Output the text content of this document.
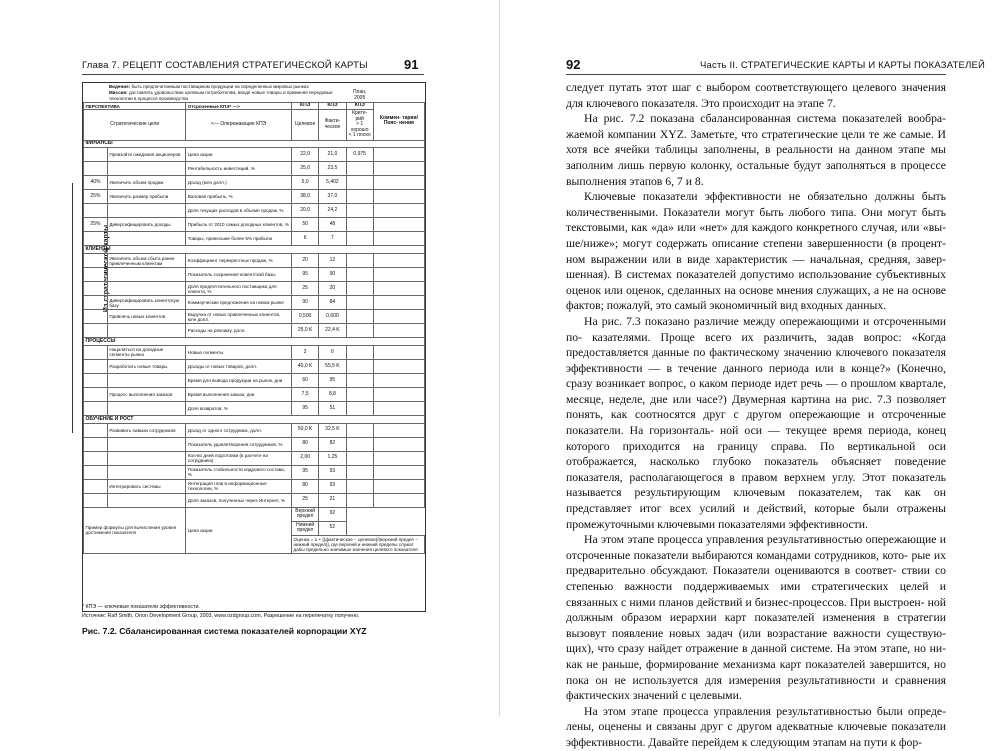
Глава 7. РЕЦЕПТ СОСТАВЛЕНИЯ СТРАТЕГИЧЕСКОЙ КАРТЫ	91
Из стратегической карты
	Видение: быть предпочитаемым поставщиком продукции на определенных мировых рынках					
	Миссия: доставлять удовольствие целевым потребителям, вводя новые товары и применяя передовые технологии в процессе производства				План, 2005	
ПЕРСПЕКТИВА		Отсроченные КПЭ* —>	КПЭ	КПЭ	КПЭ	Коммен- тарии/ Пояс- нения
Стратегические цели		<— Опережающие КПЭ	Целевое	Факти- ческое	Крите- рий
> 1 хорошо
< 1 плохо	
ФИНАНСЫ						
	Превзойти ожидания акционеров	Цена акции	22,0	21,0	0,975	
		Рентабельность инвестиций, %	25,0	23,5		
40%	Увеличить объем продаж	Доход (млн долл.)	6,0	5,402		
25%	Увеличить размер прибыли	Валовая прибыль, %	38,0	37,0		
		Доля текущих расходов в объеме продаж, %	20,0	24,2		
25%	Диверсифицировать доходы	Прибыль от 2010 самых доходных клиентов, %	50	48		
		Товары, принесшие более 5% прибыли	6	7		
КЛИЕНТЫ						
	Увеличить объем сбыта ранее привлеченным клиентам	Коэффициент перекрестных продаж, %	20	12		
		Показатель сохранения клиентской базы	95	90		
		Доля предпочтительного поставщика для клиента, %	25	20		
	Диверсифицировать клиентскую базу	Коммерческие предложения на новом рынке	90	84		
	Привлечь новых клиентов	Выручка от новых привлеченных клиентов, млн долл.	0,500	0,600		
		Расходы на рекламу, долл.	25,0 K	22,4 K		
ПРОЦЕССЫ						
	Нацелиться на доходные сегменты рынка	Новые сегменты	2	0		
	Разработать новые товары	Доходы от новых товаров, долл.	40,0 K	55,5 K		
		Время для вывода продукции на рынок, дни	60	95		
	Процесс выполнения заказов	Время выполнения заказа, дни	7,5	8,8		
		Доля возвратов, %	95	51		
ОБУЧЕНИЕ И РОСТ						
	Развивать навыки сотрудников	Доход от одного сотрудника, долл.	50,0 K	32,5 K		
		Показатель удовлетворения сотрудников, %	80	82		
		Кол-во дней подготовки (в расчете на сотрудника)	2,00	1,25		
		Показатель стабильности кадрового состава, %	95	93		
	Интегрировать системы	Интеграция глав в информационные технологии, %	80	93		
		Доля заказов, полученных через Интернет, %	25	21		
Пример формулы для вычисления уровня достижения показателя		Цена акции	Верхний предел	92		
			Нижний предел	52		
			Оценка = 1 + [(фактическое − целевое)/(верхний предел − нижний предел)], где верхний и нижний пределы служат дабы предельно значимые значения целевого показателя			
* КПЭ — ключевые показатели эффективности.
Источник: Ralf Smith, Orion Development Group, 2003, www.ozdgroup.com. Разрешение на перепечатку получено.
Рис. 7.2. Сбалансированная система показателей корпорации XYZ
92	Часть II. СТРАТЕГИЧЕСКИЕ КАРТЫ И КАРТЫ ПОКАЗАТЕЛЕЙ

следует путать этот шаг с выбором соответствующего целевого значения для ключевого показателя. Это происходит на этапе 7.

На рис. 7.2 показана сбалансированная система показателей вообра- жаемой компании XYZ. Заметьте, что стратегические цели те же самые. И хотя все ячейки таблицы заполнены, в реальности на данном этапе мы заполним лишь первую колонку, остальные будут заполняться в процессе выполнения этапов 6, 7 и 8.

Ключевые показатели эффективности не обязательно должны быть количественными. Показатели могут быть любого типа. Они могут быть текстовыми, как «да» или «нет» для каждого конкретного случая, или «вы- ше/ниже»; могут содержать описание степени завершенности (в процент- ном выражении или в виде характеристик — начальная, средняя, завер- шенная). В системах показателей допустимо использование субъективных оценок или оценок, сделанных на основе мнения служащих, а не на основе фактов; пожалуй, это самый экономичный вид входных данных.

На рис. 7.3 показано различие между опережающими и отсроченными по- казателями. Проще всего их различить, задав вопрос: «Когда предоставляется данные по фактическому значению ключевого показателя эффективности — в течение данного периода или в конце?» (Конечно, сразу возникает вопрос, о каком периоде идет речь — о прошлом квартале, месяце, неделе, дне или часе?) Двумерная картина на рис. 7.3 позволяет понять, как соотносятся друг с другом опережающие и отсроченные показатели. На горизонталь- ной оси — текущее время периода, конец которого приходится на границу справа. По вертикальной оси отображается, насколько глубоко показатель объясняет поведение показателя, располагающегося в правом верхнем углу. Этот показатель называется результирующим ключевым показателем, так как он представляет итог всех усилий и действий, которые были отражены промежуточными ключевыми показателями эффективности.

На этом этапе процесса управления результативностью опережающие и отсроченные показатели выбираются командами сотрудников, кото- рые их предварительно обсуждают. Показатели оцениваются в соответ- ствии со степенью важности поддерживаемых ими стратегических целей и связанных с ними планов действий и бизнес-процессов. При выстроен- ной должным образом иерархии карт показателей изменения в стратегии вызовут появление новых задач (или возрастание важности существую- щих), что сразу найдет отражение в данной системе. На этом этапе, но ни- как не раньше, формирование механизма карт показателей завершится, но пока он не используется для измерения результативности и сравнения фактических значений с целевыми.

На этом этапе процесса управления результативностью были опреде- лены, оценены и связаны друг с другом адекватные ключевые показатели эффективности. Давайте перейдем к следующим этапам на пути к фор-
